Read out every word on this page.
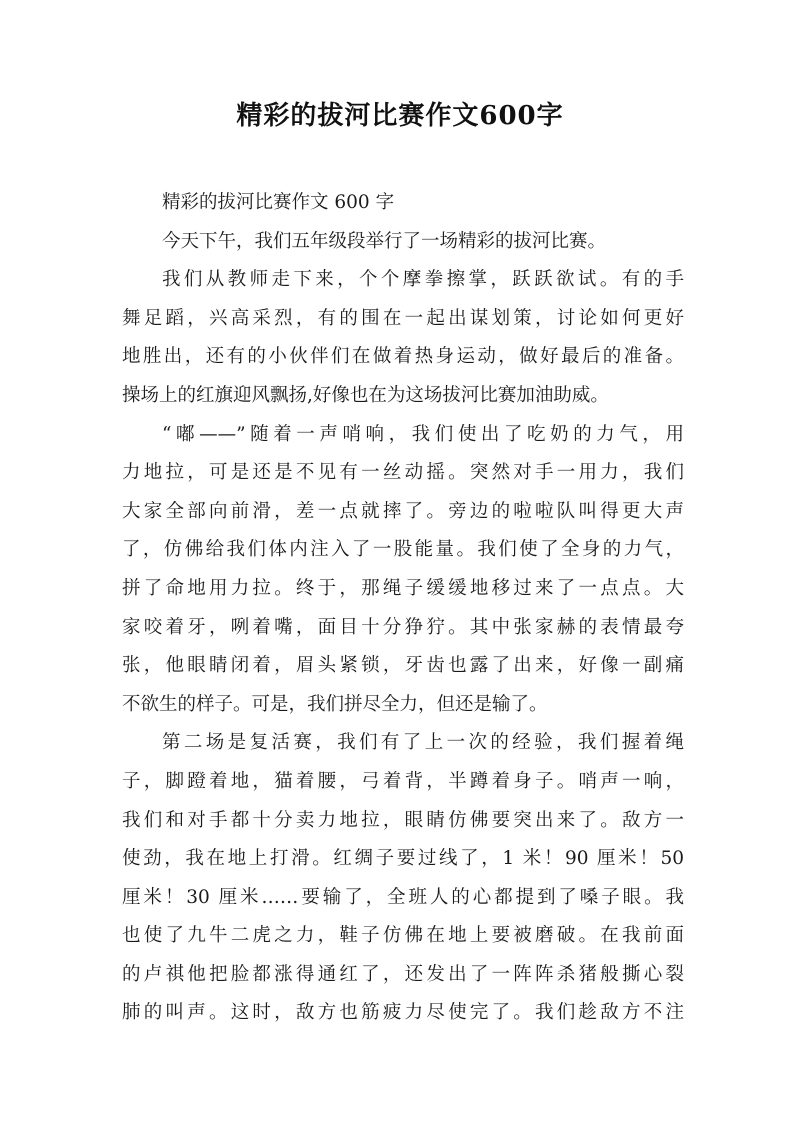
精彩的拔河比赛作文600字
精彩的拔河比赛作文 600 字
今天下午，我们五年级段举行了一场精彩的拔河比赛。
我们从教师走下来，个个摩拳擦掌，跃跃欲试。有的手
舞足蹈，兴高采烈，有的围在一起出谋划策，讨论如何更好
地胜出，还有的小伙伴们在做着热身运动，做好最后的准备。
操场上的红旗迎风飘扬,好像也在为这场拔河比赛加油助威。
“嘟——”随着一声哨响，我们使出了吃奶的力气，用
力地拉，可是还是不见有一丝动摇。突然对手一用力，我们
大家全部向前滑，差一点就摔了。旁边的啦啦队叫得更大声
了，仿佛给我们体内注入了一股能量。我们使了全身的力气，
拼了命地用力拉。终于，那绳子缓缓地移过来了一点点。大
家咬着牙，咧着嘴，面目十分狰狞。其中张家赫的表情最夸
张，他眼睛闭着，眉头紧锁，牙齿也露了出来，好像一副痛
不欲生的样子。可是，我们拼尽全力，但还是输了。
第二场是复活赛，我们有了上一次的经验，我们握着绳
子，脚蹬着地，猫着腰，弓着背，半蹲着身子。哨声一响，
我们和对手都十分卖力地拉，眼睛仿佛要突出来了。敌方一
使劲，我在地上打滑。红绸子要过线了，1 米！90 厘米！50
厘米！30 厘米……要输了，全班人的心都提到了嗓子眼。我
也使了九牛二虎之力，鞋子仿佛在地上要被磨破。在我前面
的卢祺他把脸都涨得通红了，还发出了一阵阵杀猪般撕心裂
肺的叫声。这时，敌方也筋疲力尽使完了。我们趁敌方不注
